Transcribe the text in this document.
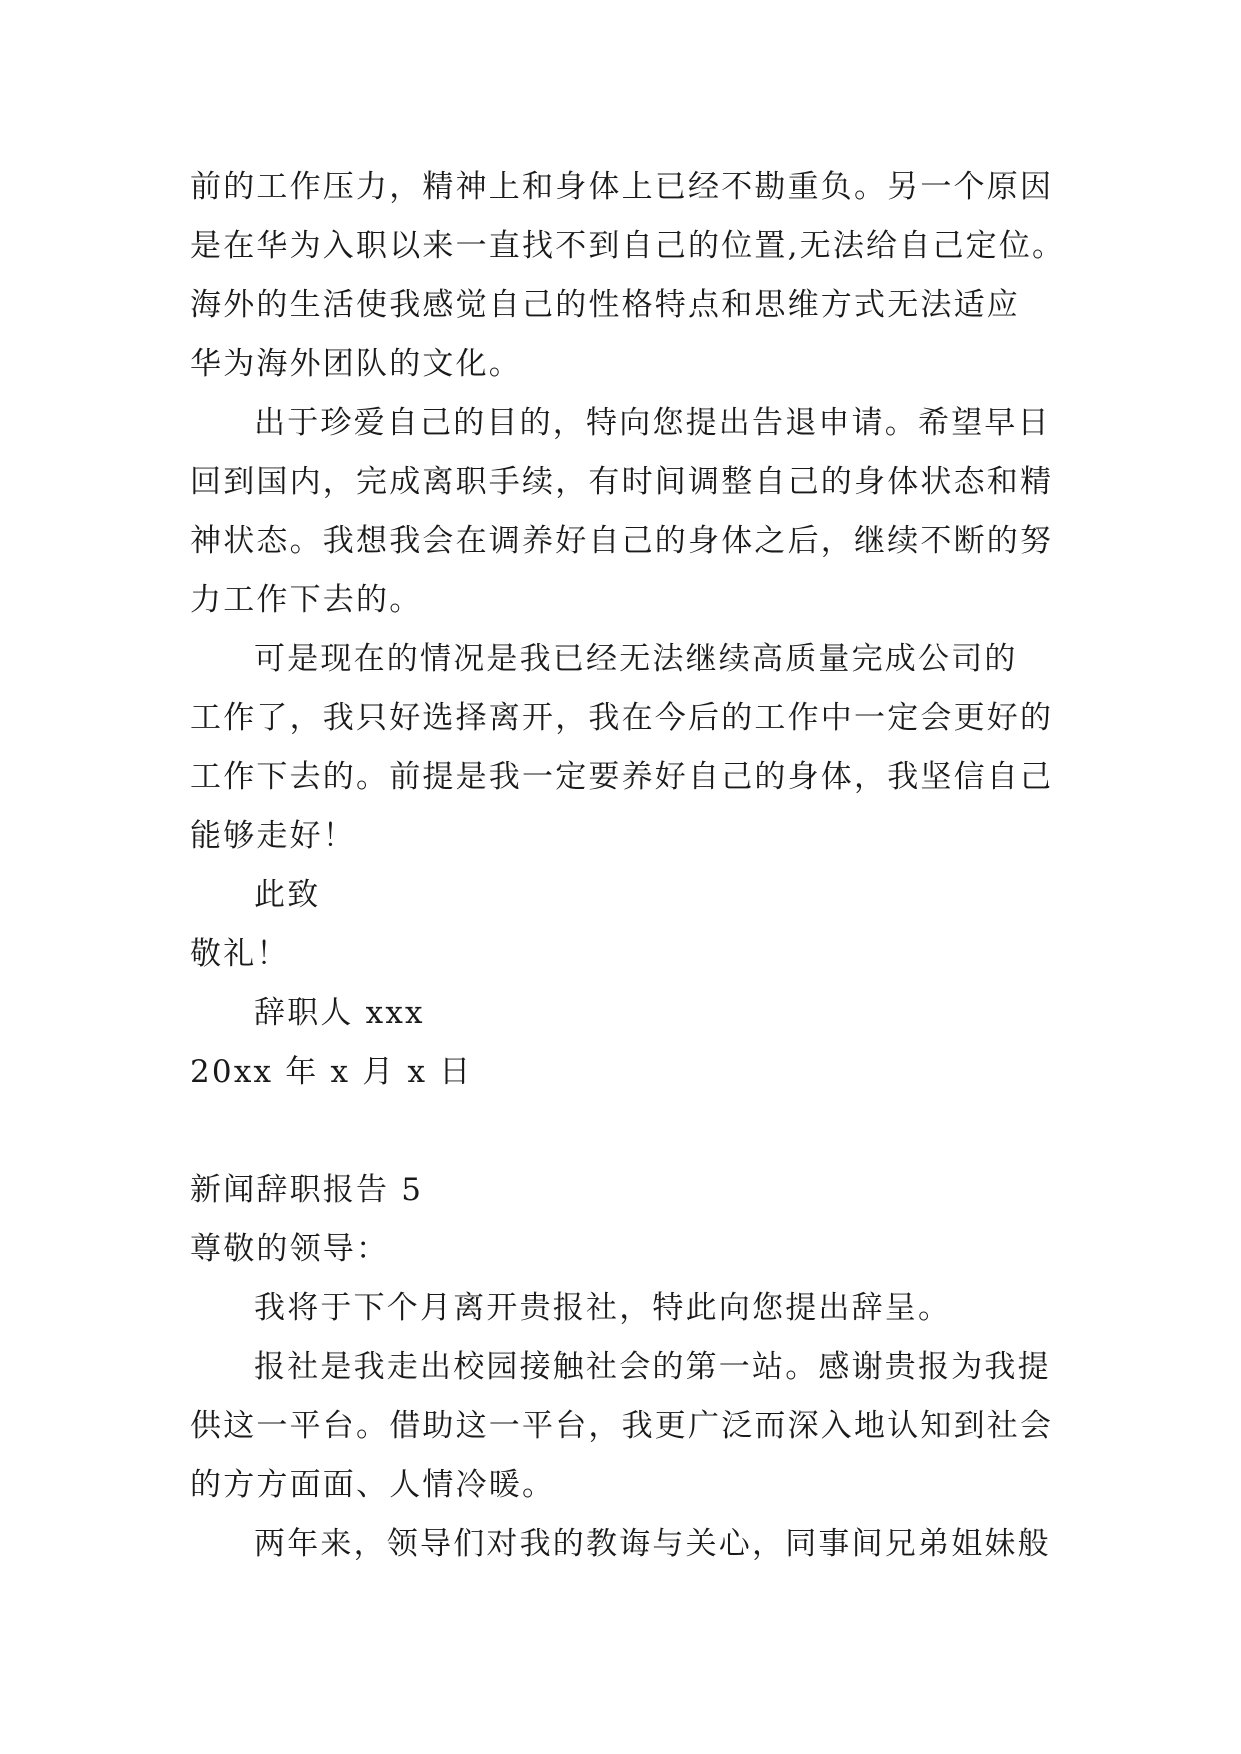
前的工作压力，精神上和身体上已经不勘重负。另一个原因
是在华为入职以来一直找不到自己的位置,无法给自己定位。
海外的生活使我感觉自己的性格特点和思维方式无法适应
华为海外团队的文化。
出于珍爱自己的目的，特向您提出告退申请。希望早日
回到国内，完成离职手续，有时间调整自己的身体状态和精
神状态。我想我会在调养好自己的身体之后，继续不断的努
力工作下去的。
可是现在的情况是我已经无法继续高质量完成公司的
工作了，我只好选择离开，我在今后的工作中一定会更好的
工作下去的。前提是我一定要养好自己的身体，我坚信自己
能够走好！
此致
敬礼！
辞职人 xxx
20xx 年 x 月 x 日
新闻辞职报告 5
尊敬的领导：
我将于下个月离开贵报社，特此向您提出辞呈。
报社是我走出校园接触社会的第一站。感谢贵报为我提
供这一平台。借助这一平台，我更广泛而深入地认知到社会
的方方面面、人情冷暖。
两年来，领导们对我的教诲与关心，同事间兄弟姐妹般
